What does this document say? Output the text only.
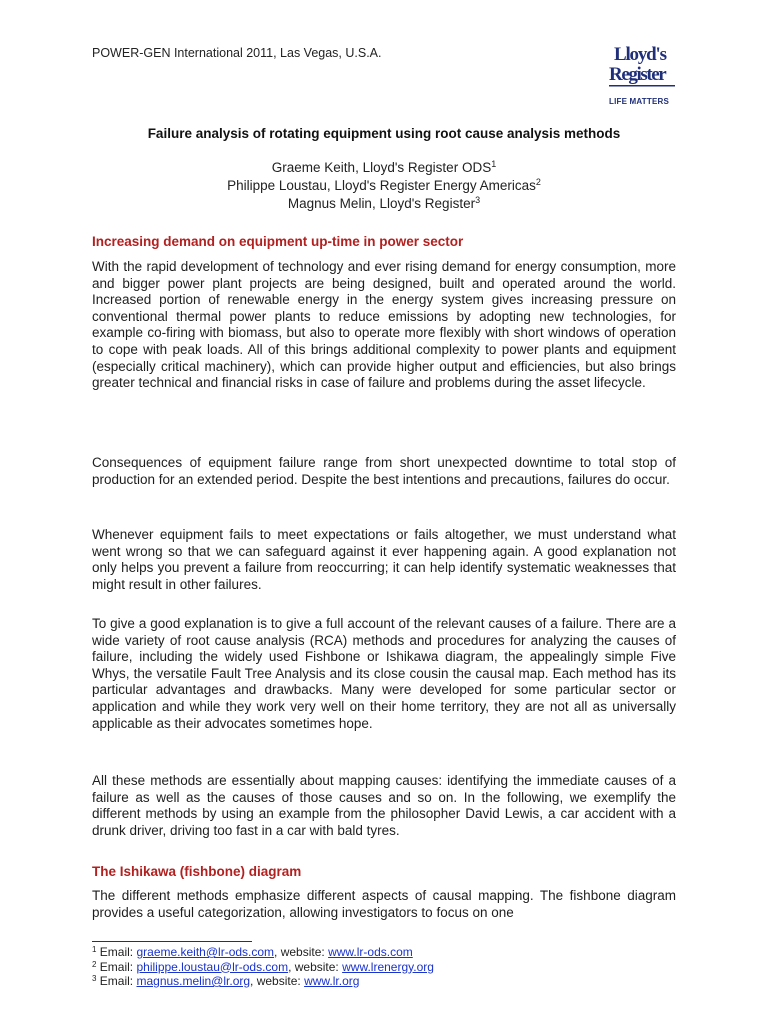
POWER-GEN International 2011, Las Vegas, U.S.A.	Lloyd's
Register
LIFE MATTERS
Failure analysis of rotating equipment using root cause analysis methods
Graeme Keith, Lloyd's Register ODS$^1$
Philippe Loustau, Lloyd's Register Energy Americas$^2$
Magnus Melin, Lloyd's Register$^3$
Increasing demand on equipment up-time in power sector
With the rapid development of technology and ever rising demand for energy consumption, more and bigger power plant projects are being designed, built and operated around the world. Increased portion of renewable energy in the energy system gives increasing pressure on conventional thermal power plants to reduce emissions by adopting new technologies, for example co-firing with biomass, but also to operate more flexibly with short windows of operation to cope with peak loads. All of this brings additional complexity to power plants and equipment (especially critical machinery), which can provide higher output and efficiencies, but also brings greater technical and financial risks in case of failure and problems during the asset lifecycle.
Consequences of equipment failure range from short unexpected downtime to total stop of production for an extended period. Despite the best intentions and precautions, failures do occur.
Whenever equipment fails to meet expectations or fails altogether, we must understand what went wrong so that we can safeguard against it ever happening again. A good explanation not only helps you prevent a failure from reoccurring; it can help identify systematic weaknesses that might result in other failures.
To give a good explanation is to give a full account of the relevant causes of a failure. There are a wide variety of root cause analysis (RCA) methods and procedures for analyzing the causes of failure, including the widely used Fishbone or Ishikawa diagram, the appealingly simple Five Whys, the versatile Fault Tree Analysis and its close cousin the causal map. Each method has its particular advantages and drawbacks. Many were developed for some particular sector or application and while they work very well on their home territory, they are not all as universally applicable as their advocates sometimes hope.
All these methods are essentially about mapping causes: identifying the immediate causes of a failure as well as the causes of those causes and so on. In the following, we exemplify the different methods by using an example from the philosopher David Lewis, a car accident with a drunk driver, driving too fast in a car with bald tyres.
The Ishikawa (fishbone) diagram
The different methods emphasize different aspects of causal mapping. The fishbone diagram provides a useful categorization, allowing investigators to focus on one
$^1$ Email: graeme.keith@lr-ods.com, website: www.lr-ods.com
$^2$ Email: philippe.loustau@lr-ods.com, website: www.lrenergy.org
$^3$ Email: magnus.melin@lr.org, website: www.lr.org
